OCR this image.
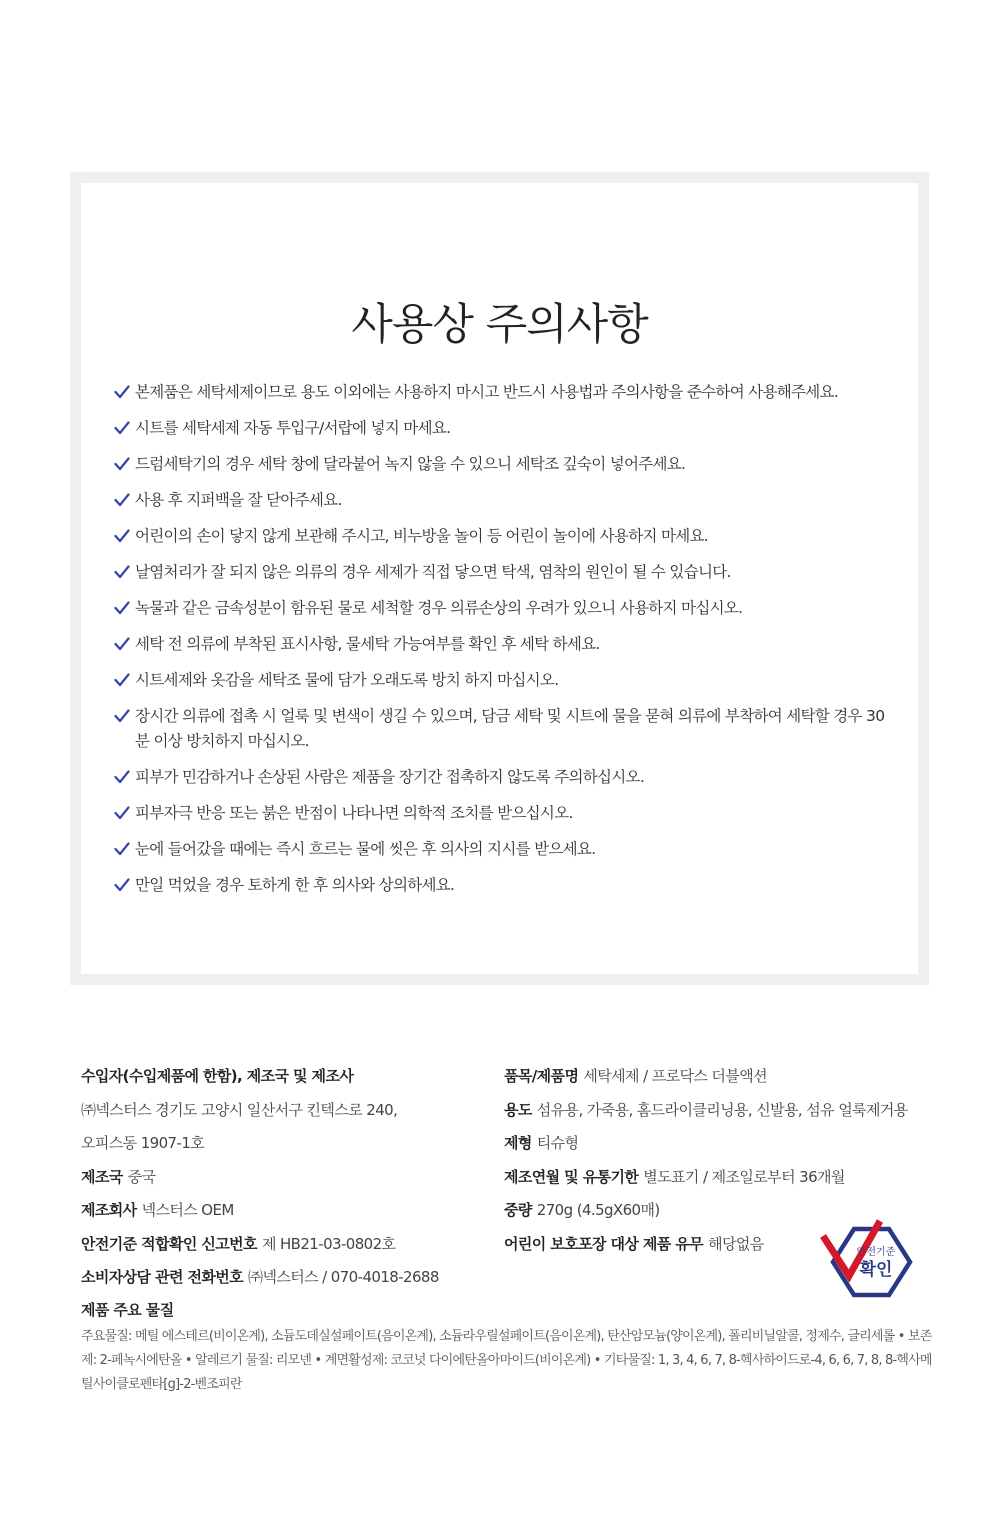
사용상 주의사항
본제품은 세탁세제이므로 용도 이외에는 사용하지 마시고 반드시 사용법과 주의사항을 준수하여 사용해주세요.
시트를 세탁세제 자동 투입구/서랍에 넣지 마세요.
드럼세탁기의 경우 세탁 창에 달라붙어 녹지 않을 수 있으니 세탁조 깊숙이 넣어주세요.
사용 후 지퍼백을 잘 닫아주세요.
어린이의 손이 닿지 않게 보관해 주시고, 비누방울 놀이 등 어린이 놀이에 사용하지 마세요.
날염처리가 잘 되지 않은 의류의 경우 세제가 직접 닿으면 탁색, 염착의 원인이 될 수 있습니다.
녹물과 같은 금속성분이 함유된 물로 세척할 경우 의류손상의 우려가 있으니 사용하지 마십시오.
세탁 전 의류에 부착된 표시사항, 물세탁 가능여부를 확인 후 세탁 하세요.
시트세제와 옷감을 세탁조 물에 담가 오래도록 방치 하지 마십시오.
장시간 의류에 접촉 시 얼룩 및 변색이 생길 수 있으며, 담금 세탁 및 시트에 물을 묻혀 의류에 부착하여 세탁할 경우 30분 이상 방치하지 마십시오.
피부가 민감하거나 손상된 사람은 제품을 장기간 접촉하지 않도록 주의하십시오.
피부자극 반응 또는 붉은 반점이 나타나면 의학적 조치를 받으십시오.
눈에 들어갔을 때에는 즉시 흐르는 물에 씻은 후 의사의 지시를 받으세요.
만일 먹었을 경우 토하게 한 후 의사와 상의하세요.
수입자(수입제품에 한함), 제조국 및 제조사
㈜넥스터스 경기도 고양시 일산서구 킨텍스로 240,
오피스동 1907-1호
제조국 중국
제조회사 넥스터스 OEM
안전기준 적합확인 신고번호 제 HB21-03-0802호
소비자상담 관련 전화번호 ㈜넥스터스 / 070-4018-2688
품목/제품명 세탁세제 / 프로닥스 더블액션
용도 섬유용, 가죽용, 홈드라이클리닝용, 신발용, 섬유 얼룩제거용
제형 티슈형
제조연월 및 유통기한 별도표기 / 제조일로부터 36개월
중량 270g (4.5gX60매)
어린이 보호포장 대상 제품 유무 해당없음	안전기준
확인
제품 주요 물질

주요물질: 메틸 에스테르(비이온계), 소듐도데실설페이트(음이온계), 소듐라우릴설페이트(음이온계), 탄산암모늄(양이온계), 폴리비닐알콜, 정제수, 글리세롤 • 보존제: 2-페녹시에탄올 • 알레르기 물질: 리모넨 • 계면활성제: 코코넛 다이에탄올아마이드(비이온계) • 기타물질: 1, 3, 4, 6, 7, 8-헥사하이드로-4, 6, 6, 7, 8, 8-헥사메틸사이클로펜타[g]-2-벤조피란
